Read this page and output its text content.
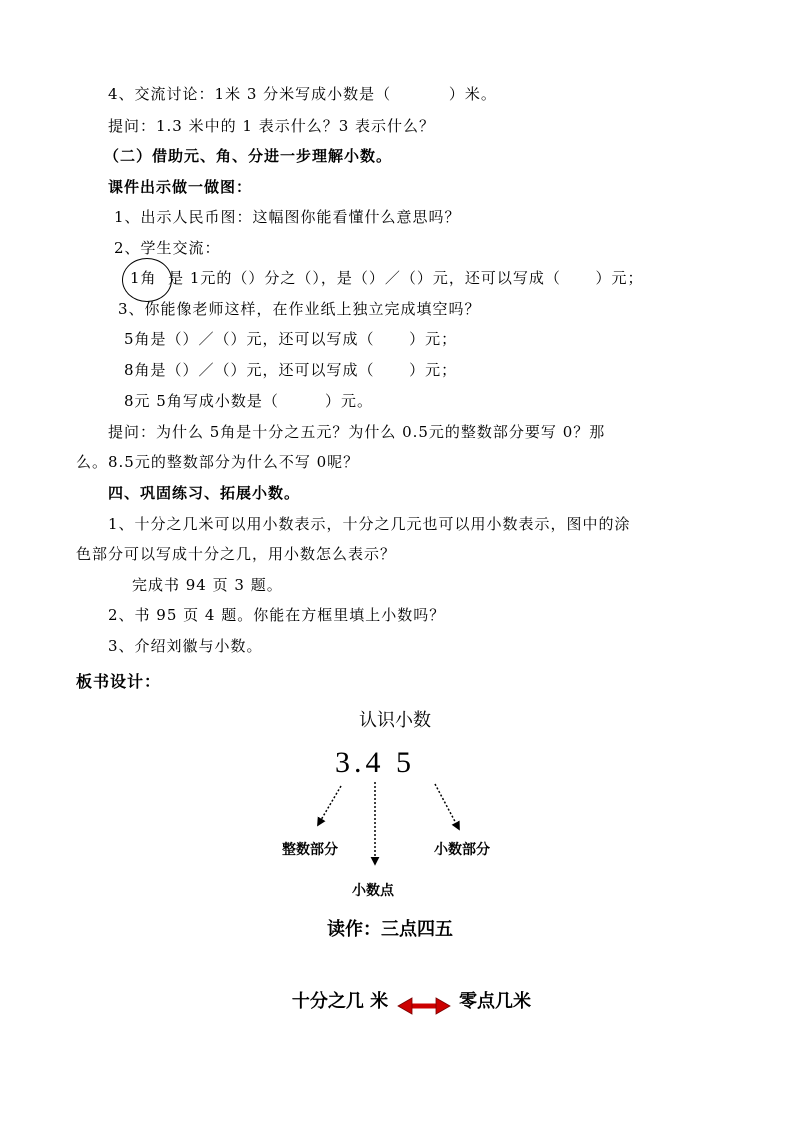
4、交流讨论：1米 3 分米写成小数是（          ）米。
提问：1.3 米中的 1 表示什么？3 表示什么？
（二）借助元、角、分进一步理解小数。
课件出示做一做图：
1、出示人民币图：这幅图你能看懂什么意思吗？
2、学生交流：
1角  是 1元的（）分之（），是（）／（）元，还可以写成（      ）元；
3、你能像老师这样，在作业纸上独立完成填空吗？
5角是（）／（）元，还可以写成（      ）元；
8角是（）／（）元，还可以写成（      ）元；
8元 5角写成小数是（        ）元。
提问：为什么 5角是十分之五元？为什么 0.5元的整数部分要写 0？那
么。8.5元的整数部分为什么不写 0呢？
四、巩固练习、拓展小数。
1、十分之几米可以用小数表示，十分之几元也可以用小数表示，图中的涂
色部分可以写成十分之几，用小数怎么表示？
完成书 94 页 3 题。
2、书 95 页 4 题。你能在方框里填上小数吗？
3、介绍刘徽与小数。
板书设计：
认识小数
3.4 5
整数部分
小数点
小数部分
读作：三点四五
十分之几 米	零点几米
